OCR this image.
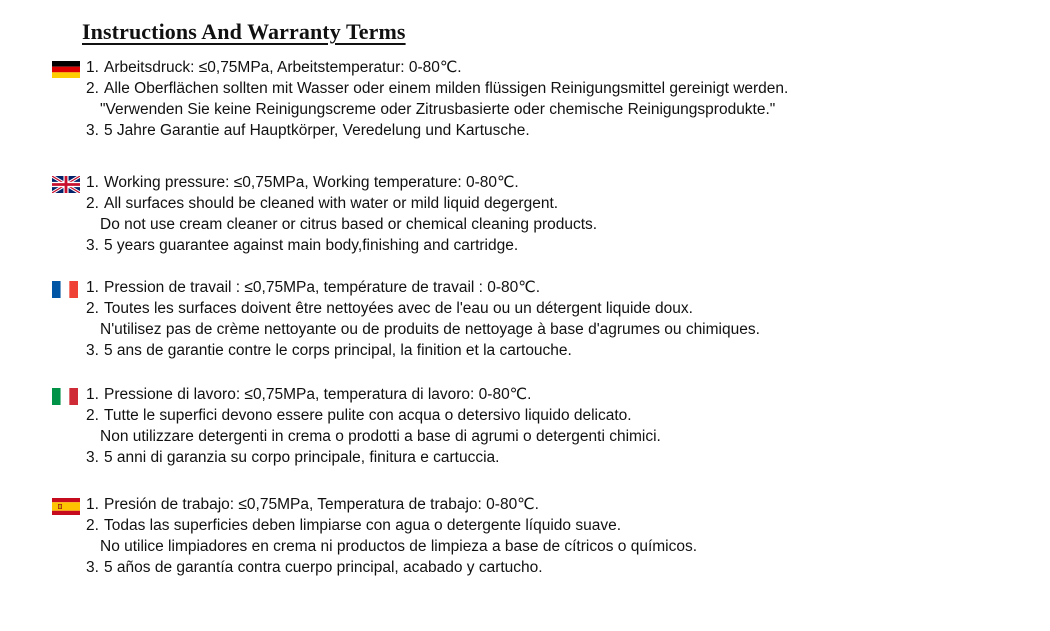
Instructions And Warranty Terms
1. Arbeitsdruck: ≤0,75MPa, Arbeitstemperatur: 0-80℃.
2. Alle Oberflächen sollten mit Wasser oder einem milden flüssigen Reinigungsmittel gereinigt werden.
"Verwenden Sie keine Reinigungscreme oder Zitrusbasierte oder chemische Reinigungsprodukte."
3. 5 Jahre Garantie auf Hauptkörper, Veredelung und Kartusche.
1. Working pressure: ≤0,75MPa, Working temperature: 0-80℃.
2. All surfaces should be cleaned with water or mild liquid degergent.
Do not use cream cleaner or citrus based or chemical cleaning products.
3. 5 years guarantee against main body,finishing and cartridge.
1. Pression de travail : ≤0,75MPa, température de travail : 0-80℃.
2. Toutes les surfaces doivent être nettoyées avec de l'eau ou un détergent liquide doux.
N'utilisez pas de crème nettoyante ou de produits de nettoyage à base d'agrumes ou chimiques.
3. 5 ans de garantie contre le corps principal, la finition et la cartouche.
1. Pressione di lavoro: ≤0,75MPa, temperatura di lavoro: 0-80℃.
2. Tutte le superfici devono essere pulite con acqua o detersivo liquido delicato.
Non utilizzare detergenti in crema o prodotti a base di agrumi o detergenti chimici.
3. 5 anni di garanzia su corpo principale, finitura e cartuccia.
1. Presión de trabajo: ≤0,75MPa, Temperatura de trabajo: 0-80℃.
2. Todas las superficies deben limpiarse con agua o detergente líquido suave.
No utilice limpiadores en crema ni productos de limpieza a base de cítricos o químicos.
3. 5 años de garantía contra cuerpo principal, acabado y cartucho.
